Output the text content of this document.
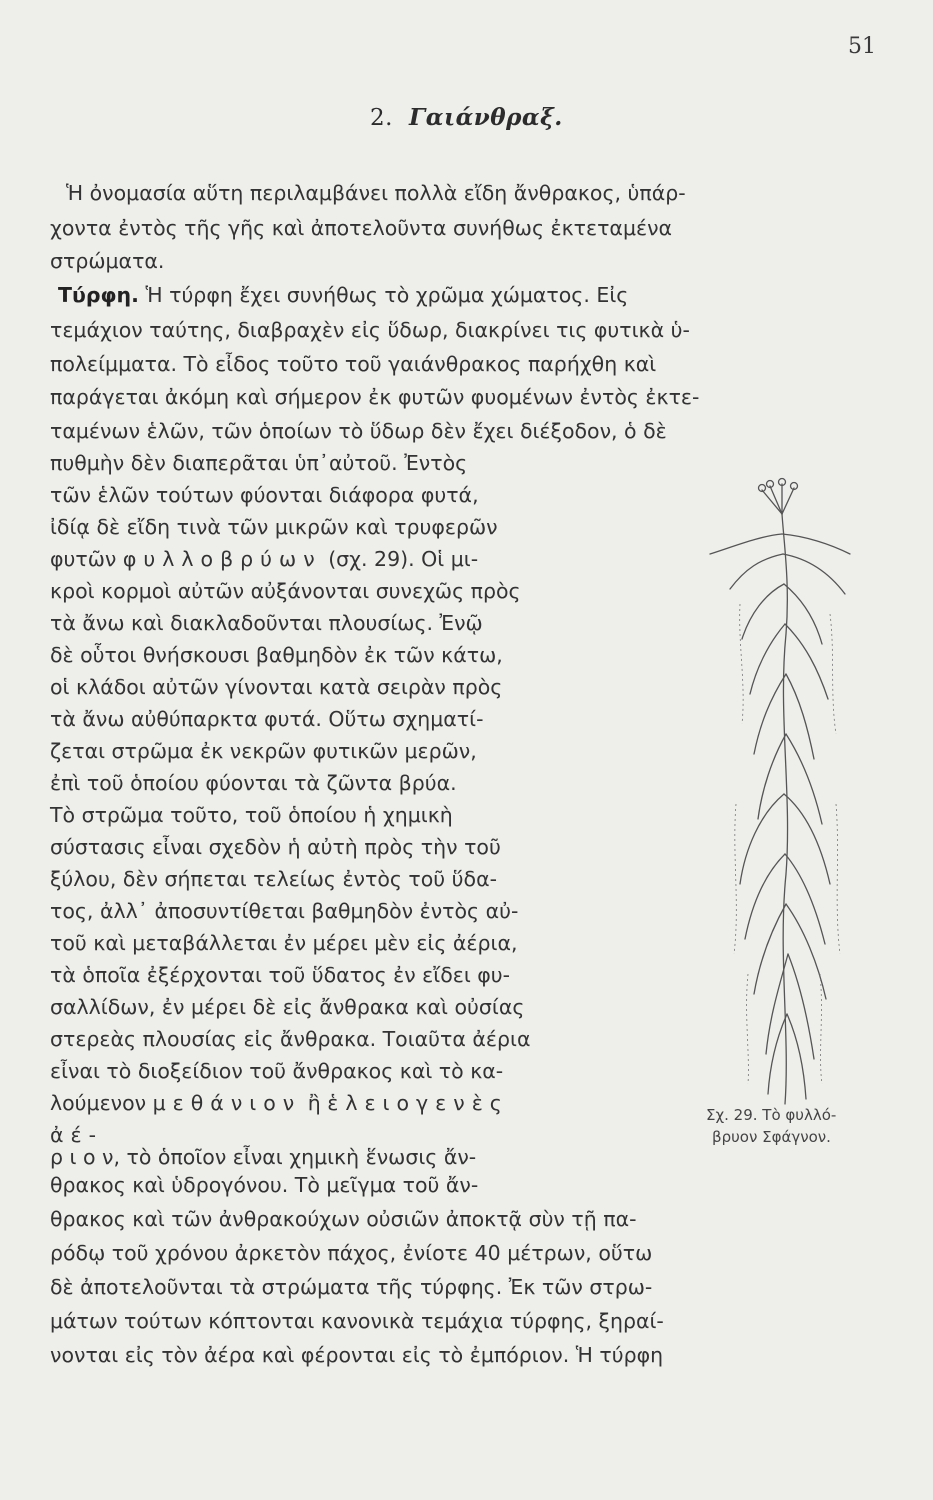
51
2. Γαιάνθραξ.
Ἡ ὀνομασία αὕτη περιλαμβάνει πολλὰ εἴδη ἄνθρακος, ὑπάρ-
χοντα ἐντὸς τῆς γῆς καὶ ἀποτελοῦντα συνήθως ἐκτεταμένα
στρώματα.
Τύρφη. Ἡ τύρφη ἔχει συνήθως τὸ χρῶμα χώματος. Εἰς
τεμάχιον ταύτης, διαβραχὲν εἰς ὕδωρ, διακρίνει τις φυτικὰ ὑ-
πολείμματα. Τὸ εἶδος τοῦτο τοῦ γαιάνθρακος παρήχθη καὶ
παράγεται ἀκόμη καὶ σήμερον ἐκ φυτῶν φυομένων ἐντὸς ἐκτε-
ταμένων ἑλῶν, τῶν ὁποίων τὸ ὕδωρ δὲν ἔχει διέξοδον, ὁ δὲ
πυθμὴν δὲν διαπερᾶται ὑπ᾽αὐτοῦ. Ἐντὸς
τῶν ἑλῶν τούτων φύονται διάφορα φυτά,
ἰδίᾳ δὲ εἴδη τινὰ τῶν μικρῶν καὶ τρυφερῶν
φυτῶν φυλλοβρύων (σχ. 29). Οἱ μι-
κροὶ κορμοὶ αὐτῶν αὐξάνονται συνεχῶς πρὸς
τὰ ἄνω καὶ διακλαδοῦνται πλουσίως. Ἐνῷ
δὲ οὗτοι θνήσκουσι βαθμηδὸν ἐκ τῶν κάτω,
οἱ κλάδοι αὐτῶν γίνονται κατὰ σειρὰν πρὸς
τὰ ἄνω αὐθύπαρκτα φυτά. Οὕτω σχηματί-
ζεται στρῶμα ἐκ νεκρῶν φυτικῶν μερῶν,
ἐπὶ τοῦ ὁποίου φύονται τὰ ζῶντα βρύα.
Τὸ στρῶμα τοῦτο, τοῦ ὁποίου ἡ χημικὴ
σύστασις εἶναι σχεδὸν ἡ αὐτὴ πρὸς τὴν τοῦ
ξύλου, δὲν σήπεται τελείως ἐντὸς τοῦ ὕδα-
τος, ἀλλ᾽ ἀποσυντίθεται βαθμηδὸν ἐντὸς αὐ-
τοῦ καὶ μεταβάλλεται ἐν μέρει μὲν εἰς ἀέρια,
τὰ ὁποῖα ἐξέρχονται τοῦ ὕδατος ἐν εἴδει φυ-
σαλλίδων, ἐν μέρει δὲ εἰς ἄνθρακα καὶ οὐσίας
στερεὰς πλουσίας εἰς ἄνθρακα. Τοιαῦτα ἀέρια
εἶναι τὸ διοξείδιον τοῦ ἄνθρακος καὶ τὸ κα-
λούμενον μεθάνιον ἢ ἑλειογενὲς
ἀέ-
ρ ι ο ν, τὸ ὁποῖον εἶναι χημικὴ ἕνωσις ἄν-
θρακος καὶ ὑδρογόνου. Τὸ μεῖγμα τοῦ ἄν-
θρακος καὶ τῶν ἀνθρακούχων οὐσιῶν ἀποκτᾷ σὺν τῇ πα-
ρόδῳ τοῦ χρόνου ἀρκετὸν πάχος, ἐνίοτε 40 μέτρων, οὕτω
δὲ ἀποτελοῦνται τὰ στρώματα τῆς τύρφης. Ἐκ τῶν στρω-
μάτων τούτων κόπτονται κανονικὰ τεμάχια τύρφης, ξηραί-
νονται εἰς τὸν ἀέρα καὶ φέρονται εἰς τὸ ἐμπόριον. Ἡ τύρφη
Σχ. 29. Τὸ φυλλό-
βρυον Σφάγνον.
